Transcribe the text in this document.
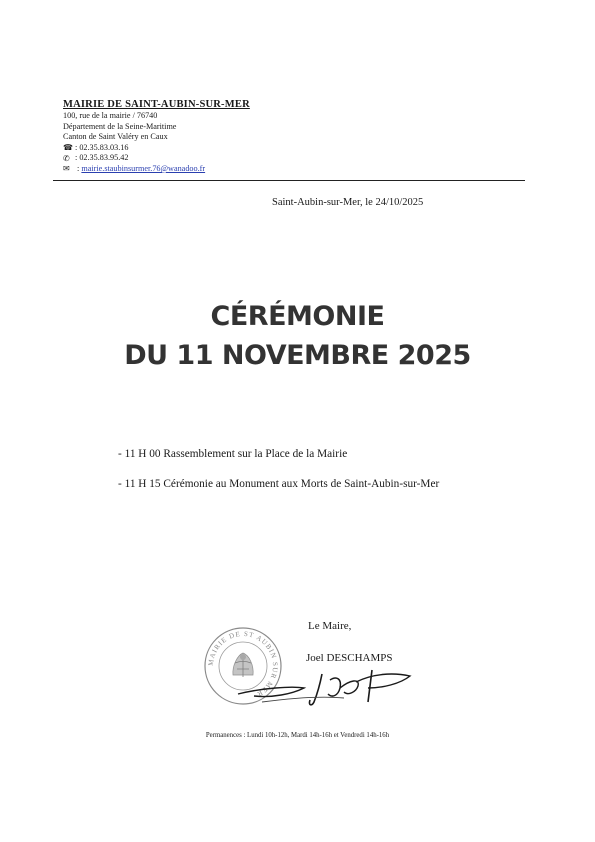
MAIRIE DE SAINT-AUBIN-SUR-MER
100, rue de la mairie / 76740
Département de la Seine-Maritime
Canton de Saint Valéry en Caux
☎ : 02.35.83.03.16
✆ : 02.35.83.95.42
✉ : mairie.staubinsurmer.76@wanadoo.fr
Saint-Aubin-sur-Mer, le 24/10/2025
CÉRÉMONIE
DU 11 NOVEMBRE 2025
- 11 H 00 Rassemblement sur la Place de la Mairie
- 11 H 15 Cérémonie au Monument aux Morts de Saint-Aubin-sur-Mer
MAIRIE DE ST AUBIN SUR MER
Le Maire,
Joel DESCHAMPS
Permanences : Lundi 10h-12h, Mardi 14h-16h et Vendredi 14h-16h
